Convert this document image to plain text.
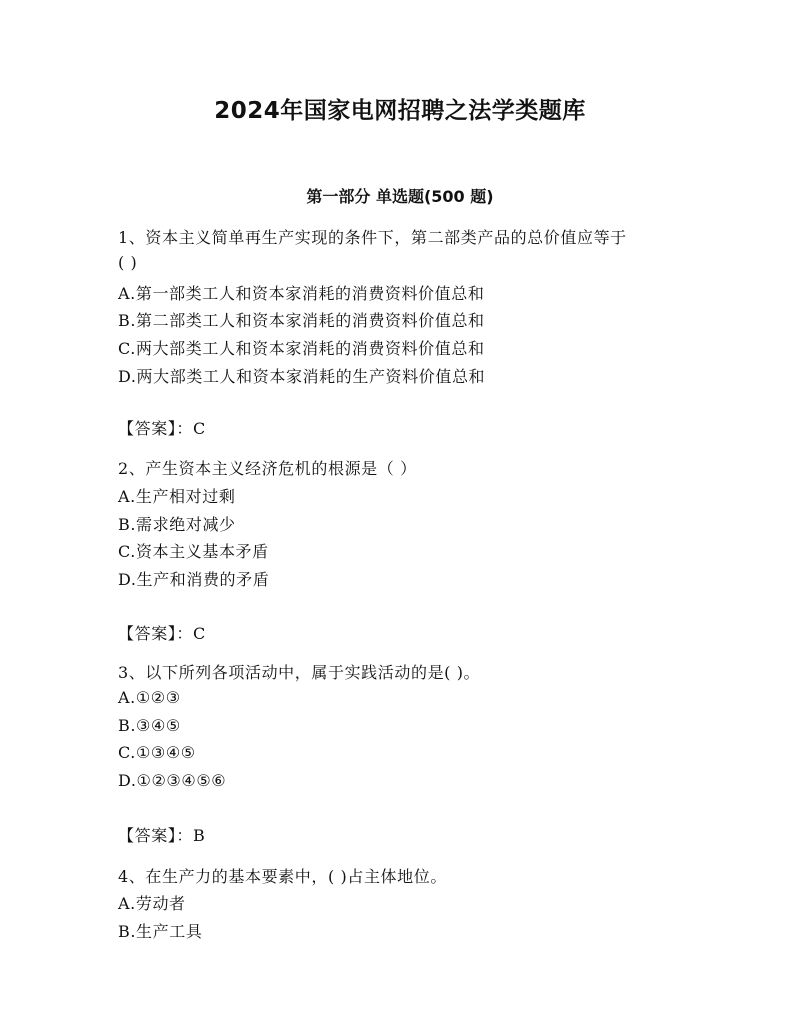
2024年国家电网招聘之法学类题库
第一部分 单选题(500 题)
1、资本主义简单再生产实现的条件下，第二部类产品的总价值应等于
( )
A.第一部类工人和资本家消耗的消费资料价值总和
B.第二部类工人和资本家消耗的消费资料价值总和
C.两大部类工人和资本家消耗的消费资料价值总和
D.两大部类工人和资本家消耗的生产资料价值总和
【答案】：C
2、产生资本主义经济危机的根源是（ ）
A.生产相对过剩
B.需求绝对减少
C.资本主义基本矛盾
D.生产和消费的矛盾
【答案】：C
3、以下所列各项活动中，属于实践活动的是( )。
A.①②③
B.③④⑤
C.①③④⑤
D.①②③④⑤⑥
【答案】：B
4、在生产力的基本要素中，( )占主体地位。
A.劳动者
B.生产工具
